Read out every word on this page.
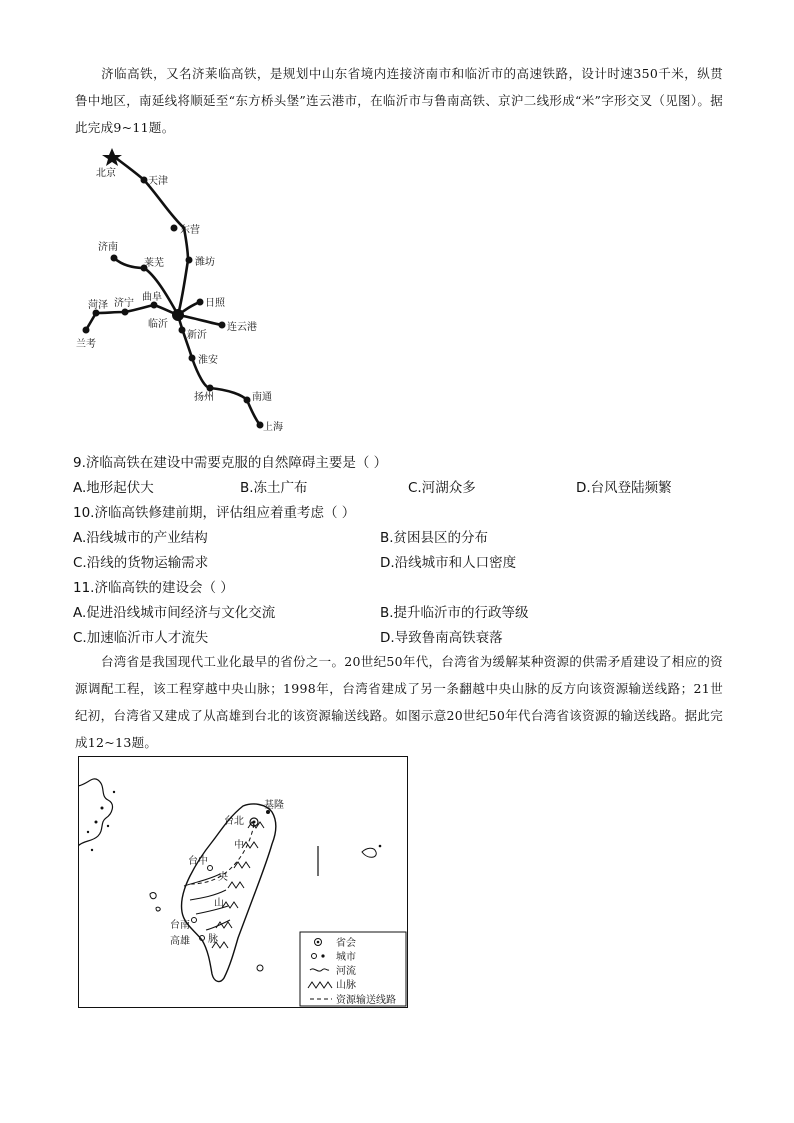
济临高铁，又名济莱临高铁，是规划中山东省境内连接济南市和临沂市的高速铁路，设计时速350千米，纵贯鲁中地区，南延线将顺延至“东方桥头堡”连云港市，在临沂市与鲁南高铁、京沪二线形成“米”字形交叉（见图）。据此完成9~11题。
北京
天津
东营
济南
莱芜	潍坊
菏泽 济宁
曲阜
日照
临沂
新沂
连云港
兰考
淮安
扬州	南通
上海
9.济临高铁在建设中需要克服的自然障碍主要是（ ）
A.地形起伏大	B.冻土广布	C.河湖众多	D.台风登陆频繁
10.济临高铁修建前期，评估组应着重考虑（ ）
A.沿线城市的产业结构	B.贫困县区的分布
C.沿线的货物运输需求	D.沿线城市和人口密度
11.济临高铁的建设会（ ）
A.促进沿线城市间经济与文化交流	B.提升临沂市的行政等级
C.加速临沂市人才流失	D.导致鲁南高铁衰落
台湾省是我国现代工业化最早的省份之一。20世纪50年代，台湾省为缓解某种资源的供需矛盾建设了相应的资源调配工程，该工程穿越中央山脉；1998年，台湾省建成了另一条翻越中央山脉的反方向该资源输送线路；21世纪初，台湾省又建成了从高雄到台北的该资源输送线路。如图示意20世纪50年代台湾省该资源的输送线路。据此完成12~13题。
基隆
台北
台中
台南
高雄
中
央
山
脉	省会
城市
河流
山脉
资源输送线路
